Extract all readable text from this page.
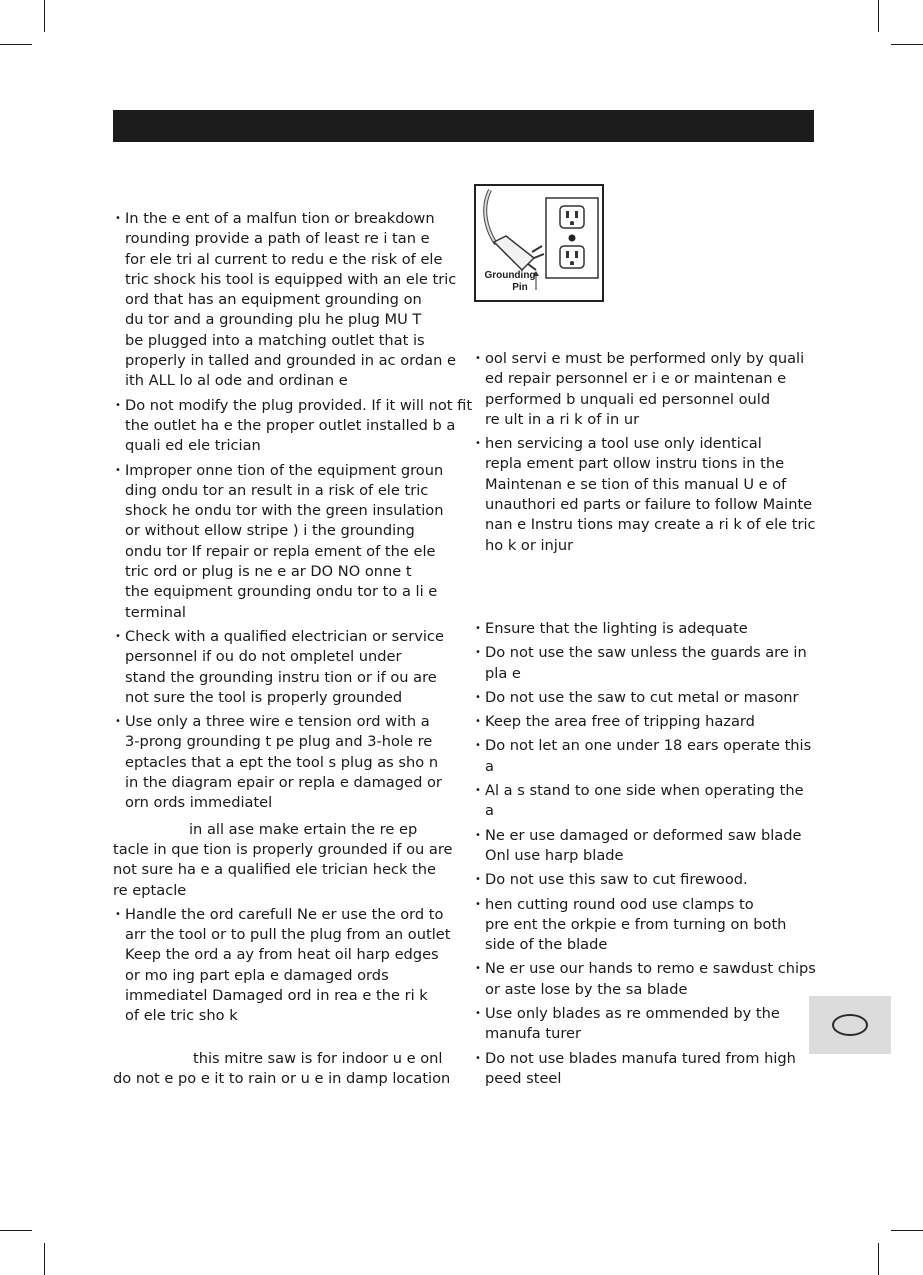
• In the e ent of a malfun tion or breakdown
rounding provide a path of least re i tan e
for ele tri al current to redu e the risk of ele
tric shock his tool is equipped with an ele tric
ord that has an equipment grounding on
du tor and a grounding plu he plug MU T
be plugged into a matching outlet that is
properly in talled and grounded in ac ordan e
ith ALL lo al ode and ordinan e
• Do not modify the plug provided. If it will not fit
the outlet ha e the proper outlet installed b a
quali ed ele trician
• Improper onne tion of the equipment groun
ding ondu tor an result in a risk of ele tric
shock he ondu tor with the green insulation
or without ellow stripe ) i the grounding
ondu tor If repair or repla ement of the ele
tric ord or plug is ne e ar DO NO onne t
the equipment grounding ondu tor to a li e
terminal
• Check with a qualified electrician or service
personnel if ou do not ompletel under
stand the grounding instru tion or if ou are
not sure the tool is properly grounded
• Use only a three wire e tension ord with a
3-prong grounding t pe plug and 3-hole re
eptacles that a ept the tool s plug as sho n
in the diagram epair or repla e damaged or
orn ords immediatel
in all ase make ertain the re ep
tacle in que tion is properly grounded if ou are
not sure ha e a qualified ele trician heck the
re eptacle
• Handle the ord carefull Ne er use the ord to
arr the tool or to pull the plug from an outlet
Keep the ord a ay from heat oil harp edges
or mo ing part epla e damaged ords
immediatel Damaged ord in rea e the ri k
of ele tric sho k
this mitre saw is for indoor u e onl
do not e po e it to rain or u e in damp location
Grounding
Pin
• ool servi e must be performed only by quali
ed repair personnel er i e or maintenan e
performed b unquali ed personnel ould
re ult in a ri k of in ur
• hen servicing a tool use only identical
repla ement part ollow instru tions in the
Maintenan e se tion of this manual U e of
unauthori ed parts or failure to follow Mainte
nan e Instru tions may create a ri k of ele tric
ho k or injur
• Ensure that the lighting is adequate
• Do not use the saw unless the guards are in
pla e
• Do not use the saw to cut metal or masonr
• Keep the area free of tripping hazard
• Do not let an one under 18 ears operate this
a
• Al a s stand to one side when operating the
a
• Ne er use damaged or deformed saw blade
Onl use harp blade
• Do not use this saw to cut firewood.
• hen cutting round ood use clamps to
pre ent the orkpie e from turning on both
side of the blade
• Ne er use our hands to remo e sawdust chips
or aste lose by the sa blade
• Use only blades as re ommended by the
manufa turer
• Do not use blades manufa tured from high
peed steel
